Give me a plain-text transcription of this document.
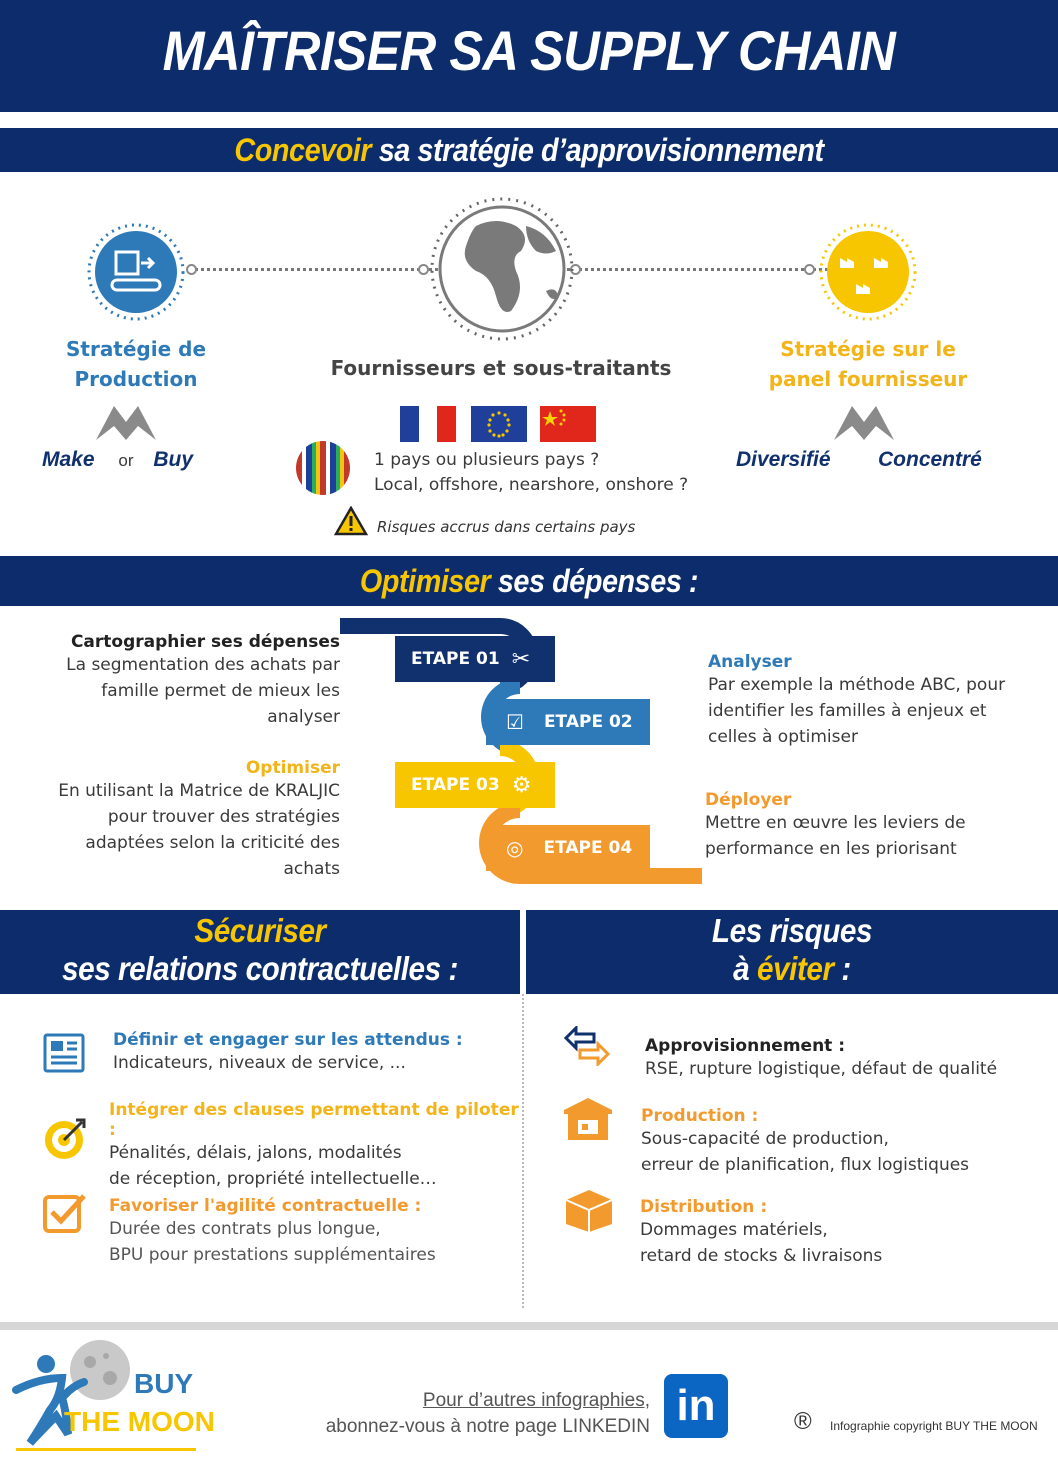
MAÎTRISER SA SUPPLY CHAIN
Concevoir sa stratégie d’approvisionnement
Stratégie de
Production
Make or Buy
Fournisseurs et sous-traitants
1 pays ou plusieurs pays ?
Local, offshore, nearshore, onshore ?
Risques accrus dans certains pays
Stratégie sur le
panel fournisseur
Diversifié Concentré
Optimiser ses dépenses :
ETAPE 01 ✂
☑ ETAPE 02
ETAPE 03 ⚙
◎ ETAPE 04
Cartographier ses dépenses
La segmentation des achats par
famille permet de mieux les
analyser
Analyser
Par exemple la méthode ABC, pour
identifier les familles à enjeux et
celles à optimiser
Optimiser
En utilisant la Matrice de KRALJIC
pour trouver des stratégies
adaptées selon la criticité des
achats
Déployer
Mettre en œuvre les leviers de
performance en les priorisant
Sécuriser
ses relations contractuelles :
Les risques
à éviter :
Définir et engager sur les attendus :
Indicateurs, niveaux de service, ...
Intégrer des clauses permettant de piloter :
Pénalités, délais, jalons, modalités
de réception, propriété intellectuelle…
Favoriser l'agilité contractuelle :
Durée des contrats plus longue,
BPU pour prestations supplémentaires
Approvisionnement :
RSE, rupture logistique, défaut de qualité
Production :
Sous-capacité de production,
erreur de planification, flux logistiques
Distribution :
Dommages matériels,
retard de stocks & livraisons
BUY
THE MOON
Pour d’autres infographies,
abonnez-vous à notre page LINKEDIN in	® Infographie copyright BUY THE MOON
